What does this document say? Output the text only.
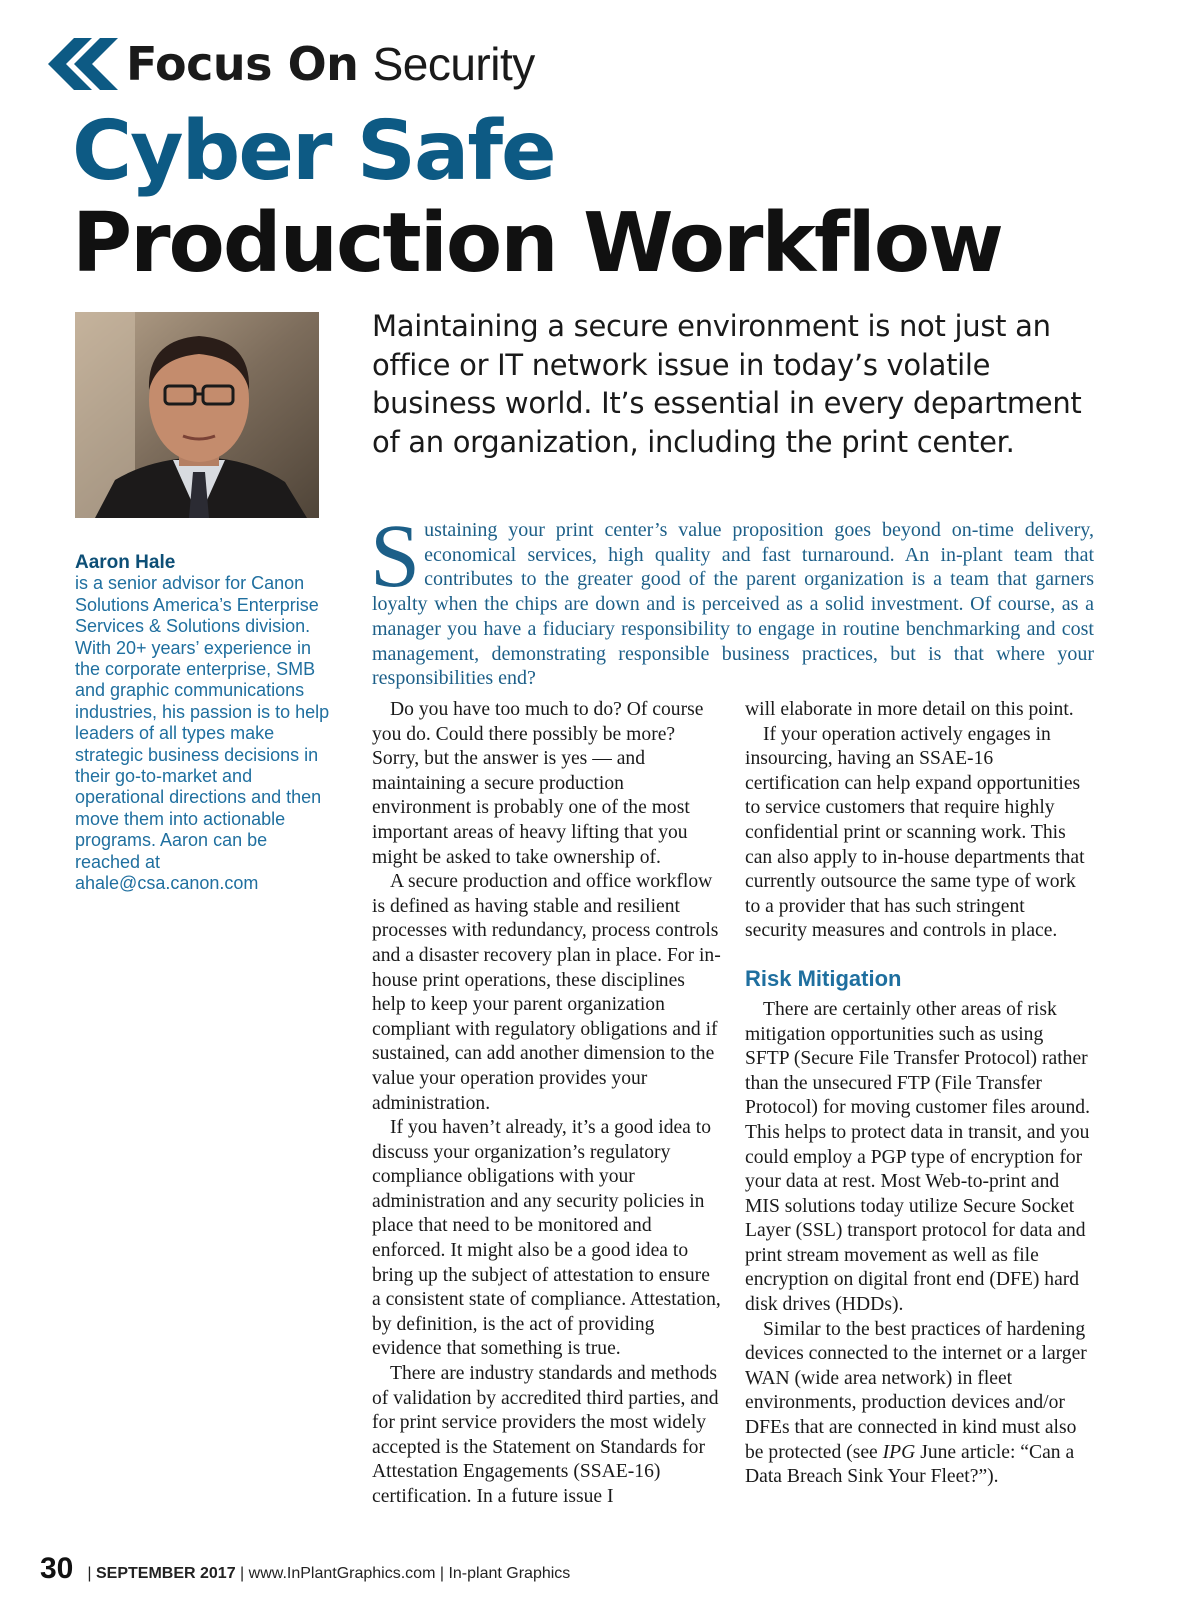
Focus On Security
Cyber Safe
Production Workflow
Aaron Hale
is a senior advisor for Canon Solutions America’s Enterprise Services & Solutions division. With 20+ years’ experience in the corporate enterprise, SMB and graphic communications industries, his passion is to help leaders of all types make strategic business decisions in their go-to-market and operational directions and then move them into actionable programs. Aaron can be reached at ahale@csa.canon.com
Maintaining a secure environment is not just an office or IT network issue in today’s volatile business world. It’s essential in every department of an organization, including the print center.
S ustaining your print center’s value proposition goes beyond on-time delivery, economical services, high quality and fast turnaround. An in-plant team that contributes to the greater good of the parent organization is a team that garners loyalty when the chips are down and is perceived as a solid investment. Of course, as a manager you have a fiduciary responsibility to engage in routine benchmarking and cost management, demonstrating responsible business practices, but is that where your responsibilities end?

Do you have too much to do? Of course you do. Could there possibly be more? Sorry, but the answer is yes — and maintaining a secure production environment is probably one of the most important areas of heavy lifting that you might be asked to take ownership of.

A secure production and office workflow is defined as having stable and resilient processes with redundancy, process controls and a disaster recovery plan in place. For in-house print operations, these disciplines help to keep your parent organization compliant with regulatory obligations and if sustained, can add another dimension to the value your operation provides your administration.

If you haven’t already, it’s a good idea to discuss your organization’s regulatory compliance obligations with your administration and any security policies in place that need to be monitored and enforced. It might also be a good idea to bring up the subject of attestation to ensure a consistent state of compliance. Attestation, by definition, is the act of providing evidence that something is true.

There are industry standards and methods of validation by accredited third parties, and for print service providers the most widely accepted is the Statement on Standards for Attestation Engagements (SSAE-16) certification. In a future issue I

will elaborate in more detail on this point.

If your operation actively engages in insourcing, having an SSAE-16 certification can help expand opportunities to service customers that require highly confidential print or scanning work. This can also apply to in-house departments that currently outsource the same type of work to a provider that has such stringent security measures and controls in place.

Risk Mitigation

There are certainly other areas of risk mitigation opportunities such as using SFTP (Secure File Transfer Protocol) rather than the unsecured FTP (File Transfer Protocol) for moving customer files around. This helps to protect data in transit, and you could employ a PGP type of encryption for your data at rest. Most Web-to-print and MIS solutions today utilize Secure Socket Layer (SSL) transport protocol for data and print stream movement as well as file encryption on digital front end (DFE) hard disk drives (HDDs).

Similar to the best practices of hardening devices connected to the internet or a larger WAN (wide area network) in fleet environments, production devices and/or DFEs that are connected in kind must also be protected (see IPG June article: “Can a Data Breach Sink Your Fleet?”).

30 | SEPTEMBER 2017 | www.InPlantGraphics.com | In-plant Graphics
